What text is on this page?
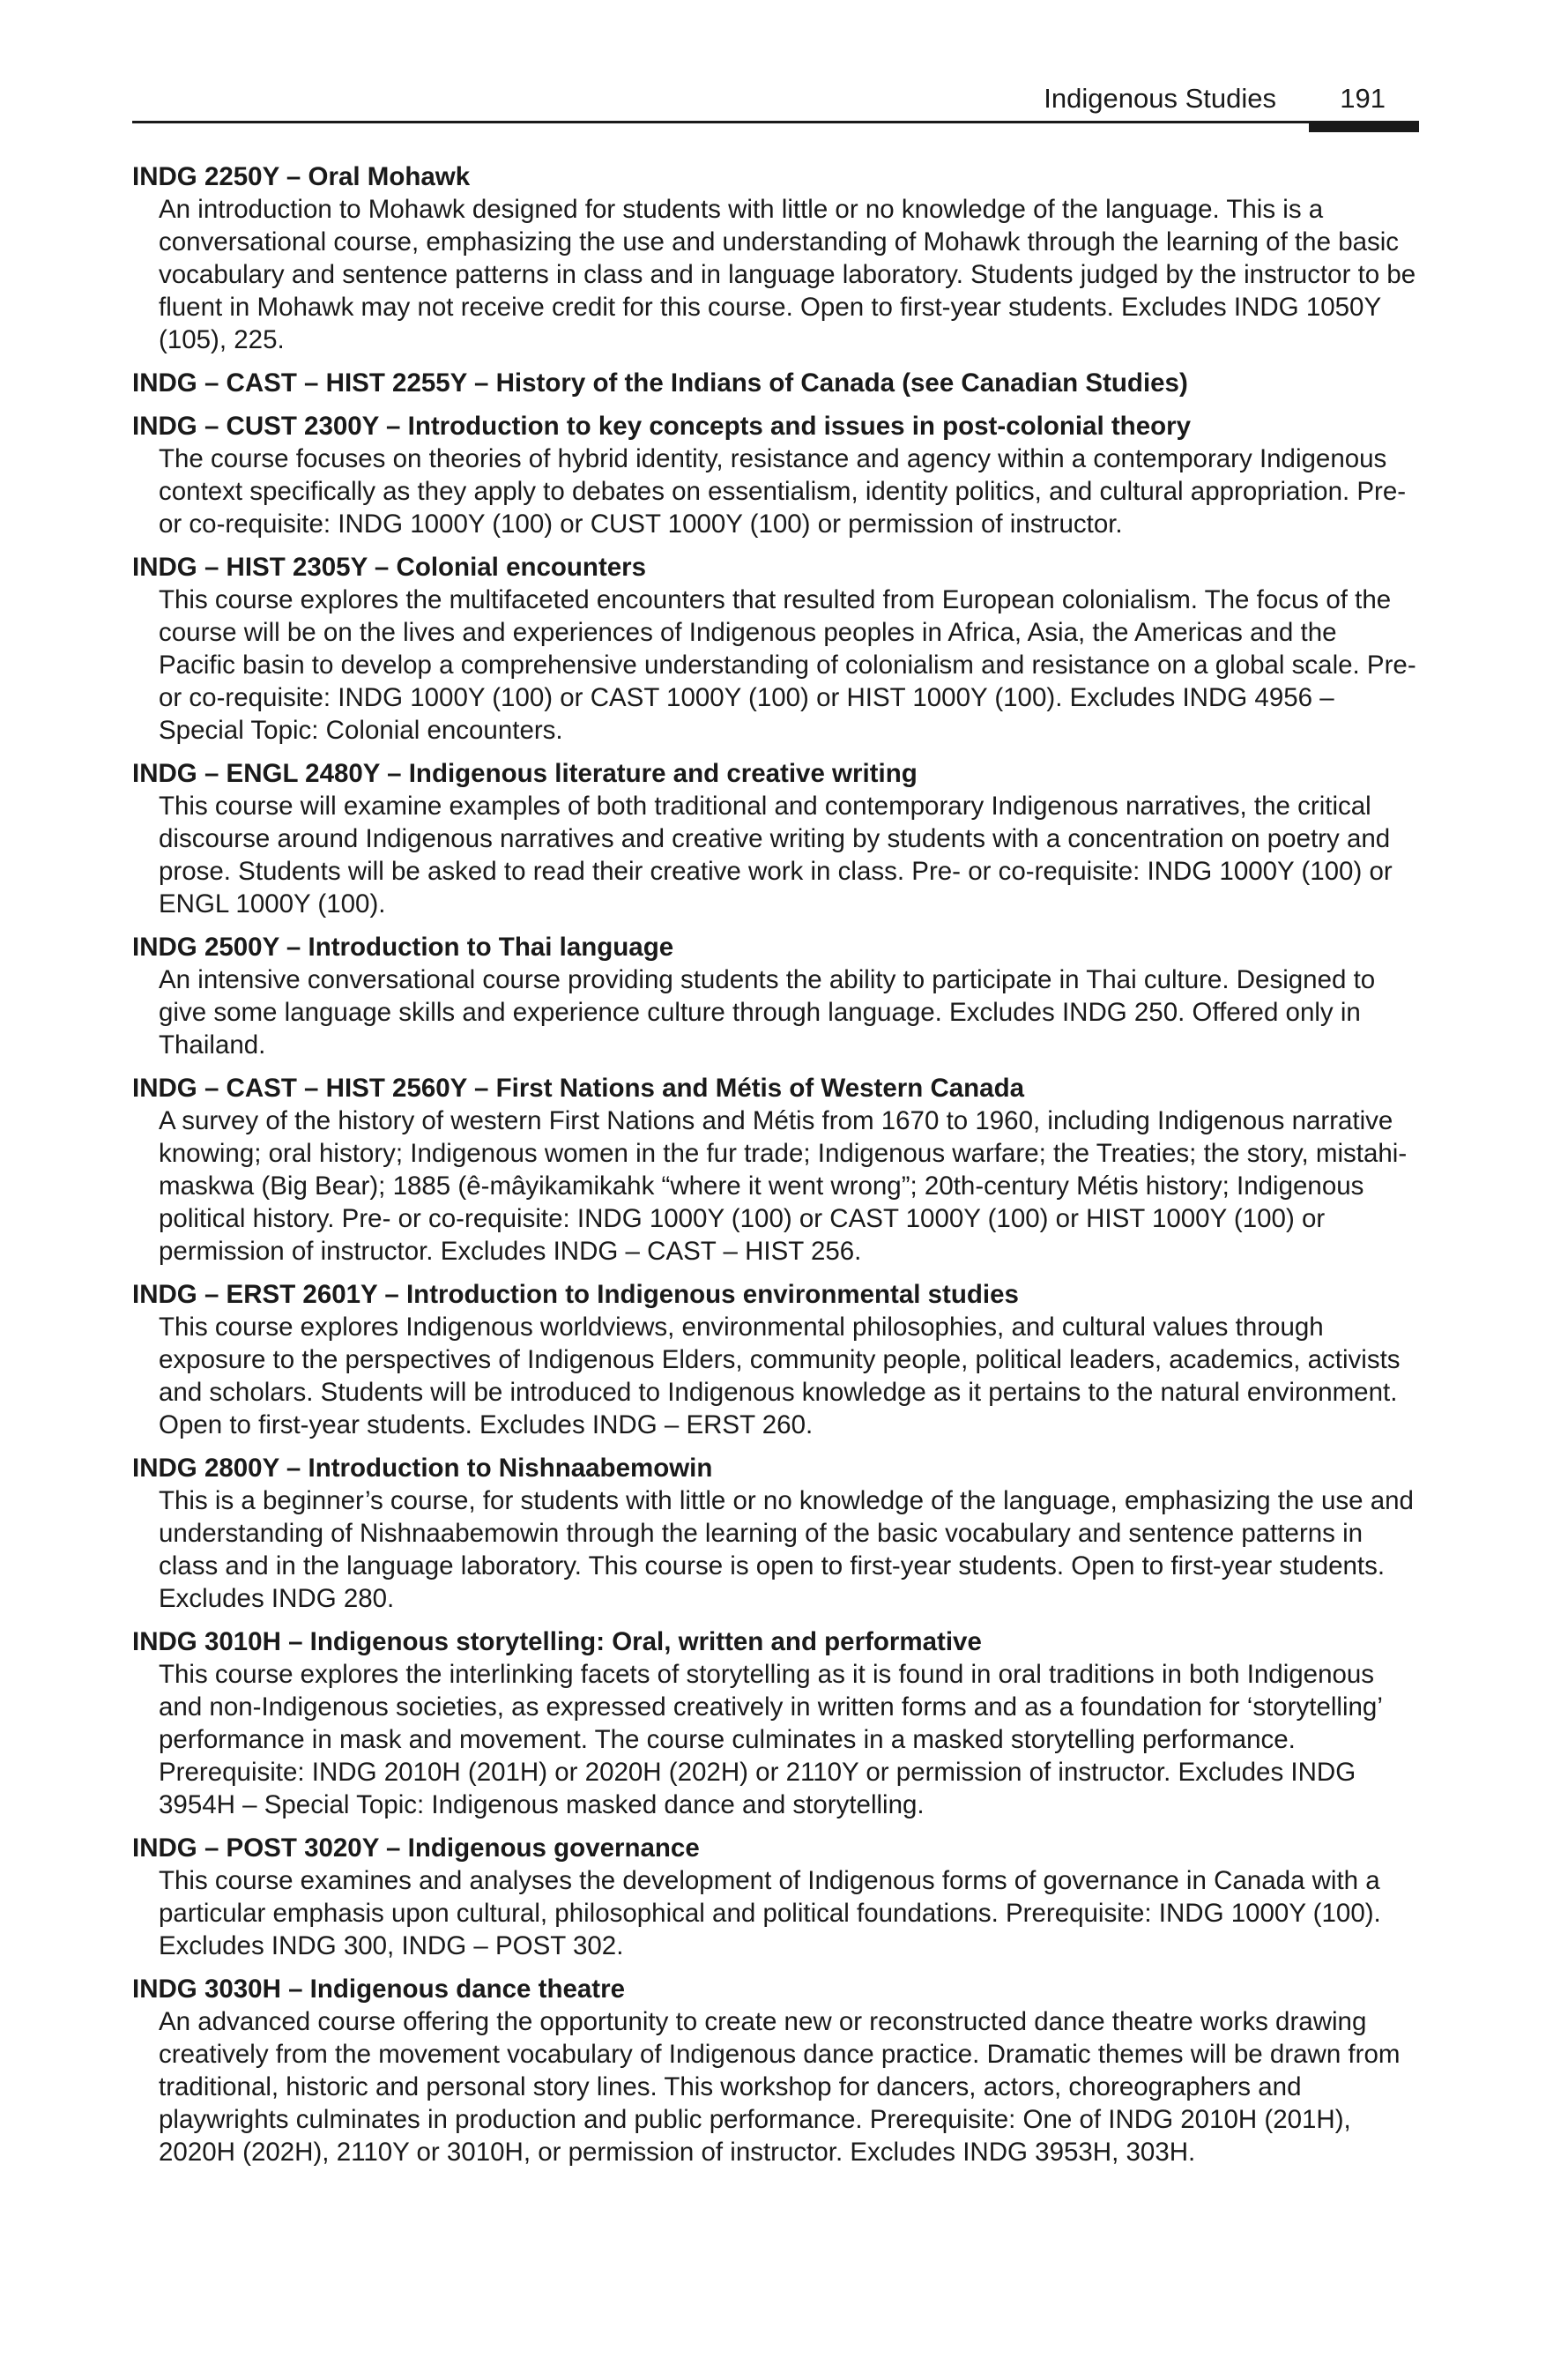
Indigenous Studies 191
INDG 2250Y – Oral Mohawk
An introduction to Mohawk designed for students with little or no knowledge of the language. This is a conversational course, emphasizing the use and understanding of Mohawk through the learning of the basic vocabulary and sentence patterns in class and in language laboratory. Students judged by the instructor to be fluent in Mohawk may not receive credit for this course. Open to first-year students. Excludes INDG 1050Y (105), 225.
INDG – CAST – HIST 2255Y – History of the Indians of Canada (see Canadian Studies)
INDG – CUST 2300Y – Introduction to key concepts and issues in post-colonial theory
The course focuses on theories of hybrid identity, resistance and agency within a contemporary Indigenous context specifically as they apply to debates on essentialism, identity politics, and cultural appropriation. Pre- or co-requisite: INDG 1000Y (100) or CUST 1000Y (100) or permission of instructor.
INDG – HIST 2305Y – Colonial encounters
This course explores the multifaceted encounters that resulted from European colonialism. The focus of the course will be on the lives and experiences of Indigenous peoples in Africa, Asia, the Americas and the Pacific basin to develop a comprehensive understanding of colonialism and resistance on a global scale. Pre- or co-requisite: INDG 1000Y (100) or CAST 1000Y (100) or HIST 1000Y (100). Excludes INDG 4956 – Special Topic: Colonial encounters.
INDG – ENGL 2480Y – Indigenous literature and creative writing
This course will examine examples of both traditional and contemporary Indigenous narratives, the critical discourse around Indigenous narratives and creative writing by students with a concentration on poetry and prose. Students will be asked to read their creative work in class. Pre- or co-requisite: INDG 1000Y (100) or ENGL 1000Y (100).
INDG 2500Y – Introduction to Thai language
An intensive conversational course providing students the ability to participate in Thai culture. Designed to give some language skills and experience culture through language. Excludes INDG 250. Offered only in Thailand.
INDG – CAST – HIST 2560Y – First Nations and Métis of Western Canada
A survey of the history of western First Nations and Métis from 1670 to 1960, including Indigenous narrative knowing; oral history; Indigenous women in the fur trade; Indigenous warfare; the Treaties; the story, mistahi-maskwa (Big Bear); 1885 (ê-mâyikamikahk “where it went wrong”; 20th-century Métis history; Indigenous political history. Pre- or co-requisite: INDG 1000Y (100) or CAST 1000Y (100) or HIST 1000Y (100) or permission of instructor. Excludes INDG – CAST – HIST 256.
INDG – ERST 2601Y – Introduction to Indigenous environmental studies
This course explores Indigenous worldviews, environmental philosophies, and cultural values through exposure to the perspectives of Indigenous Elders, community people, political leaders, academics, activists and scholars. Students will be introduced to Indigenous knowledge as it pertains to the natural environment. Open to first-year students. Excludes INDG – ERST 260.
INDG 2800Y – Introduction to Nishnaabemowin
This is a beginner’s course, for students with little or no knowledge of the language, emphasizing the use and understanding of Nishnaabemowin through the learning of the basic vocabulary and sentence patterns in class and in the language laboratory. This course is open to first-year students. Open to first-year students. Excludes INDG 280.
INDG 3010H – Indigenous storytelling: Oral, written and performative
This course explores the interlinking facets of storytelling as it is found in oral traditions in both Indigenous and non-Indigenous societies, as expressed creatively in written forms and as a foundation for ‘storytelling’ performance in mask and movement. The course culminates in a masked storytelling performance. Prerequisite: INDG 2010H (201H) or 2020H (202H) or 2110Y or permission of instructor. Excludes INDG 3954H – Special Topic: Indigenous masked dance and storytelling.
INDG – POST 3020Y – Indigenous governance
This course examines and analyses the development of Indigenous forms of governance in Canada with a particular emphasis upon cultural, philosophical and political foundations. Prerequisite: INDG 1000Y (100). Excludes INDG 300, INDG – POST 302.
INDG 3030H – Indigenous dance theatre
An advanced course offering the opportunity to create new or reconstructed dance theatre works drawing creatively from the movement vocabulary of Indigenous dance practice. Dramatic themes will be drawn from traditional, historic and personal story lines. This workshop for dancers, actors, choreographers and playwrights culminates in production and public performance. Prerequisite: One of INDG 2010H (201H), 2020H (202H), 2110Y or 3010H, or permission of instructor. Excludes INDG 3953H, 303H.
